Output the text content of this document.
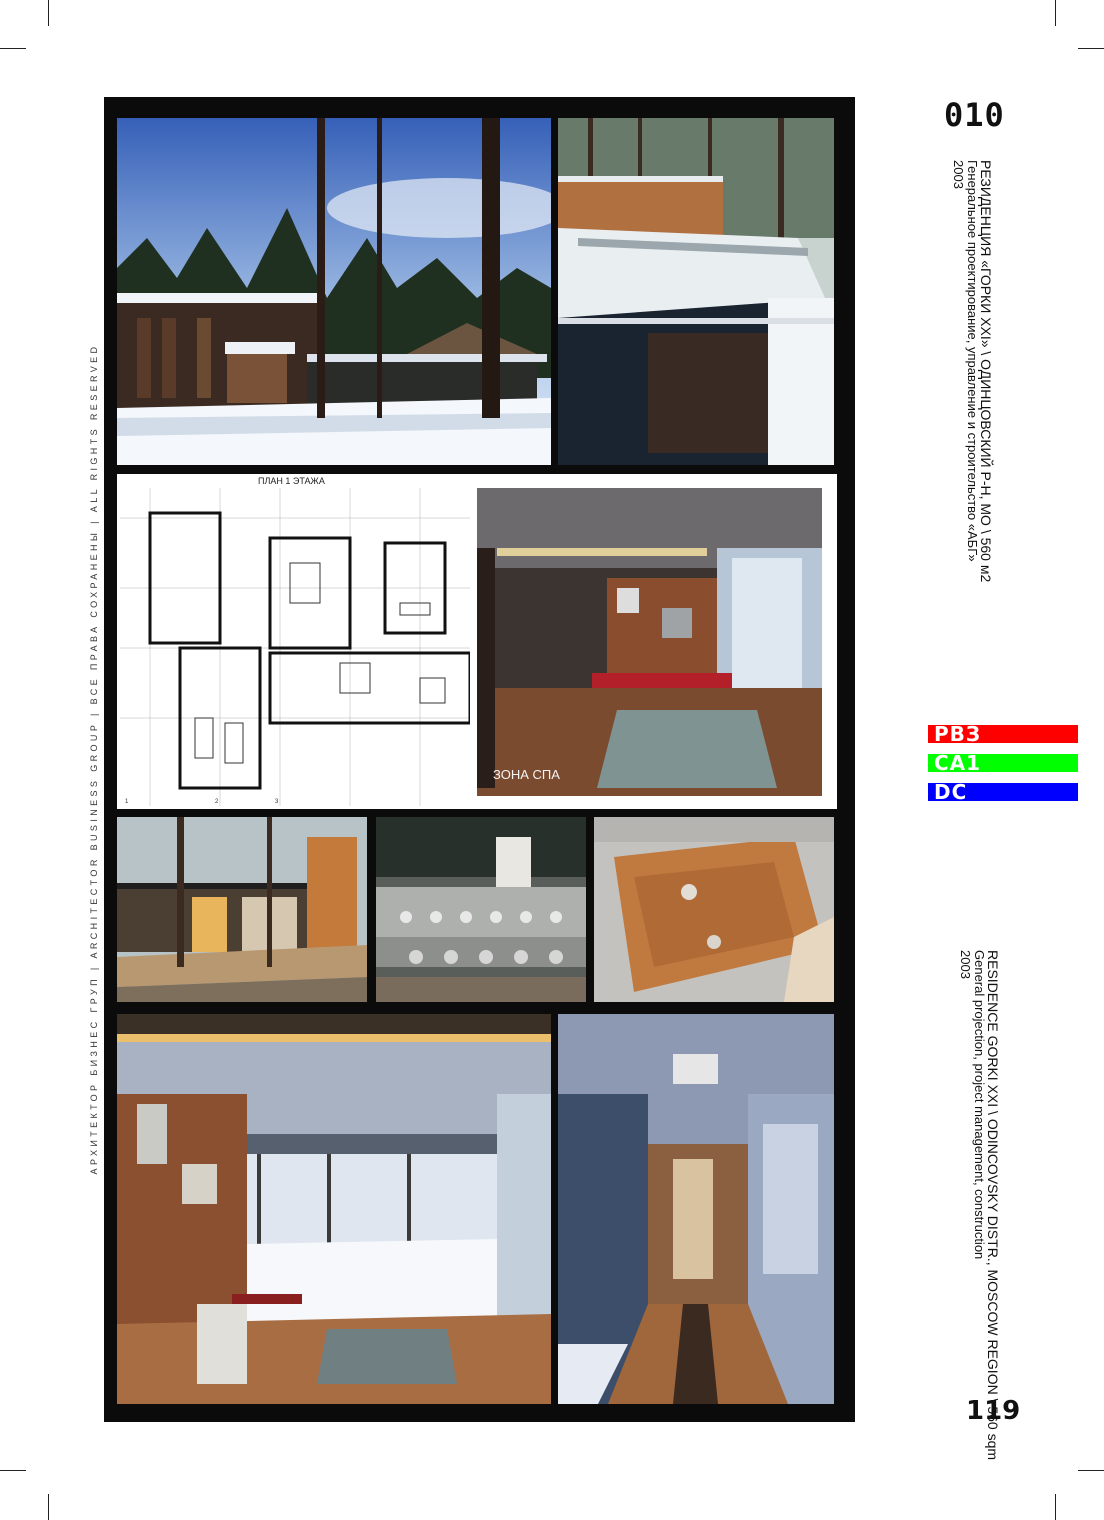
АРХИТЕКТОР БИЗНЕС ГРУП | ARCHITECTOR BUSINESS GROUP | ВСЕ ПРАВА СОХРАНЕНЫ | ALL RIGHTS RESERVED	ПЛАН 1 ЭТАЖА
1	2	3
ЗОНА СПА
010
РЕЗИДЕНЦИЯ «ГОРКИ XXI» \ ОДИНЦОВСКИЙ Р-Н, МО \ 560 м2
Генеральное проектирование, управление и строительство «АБГ»
2003
РВЗ
СА1
DC
RESIDENCE GORKI XXI \ ODINCOVSKY DISTR., MOSCOW REGION \ 560 sqm
General projection, project management, construction
2003
119
